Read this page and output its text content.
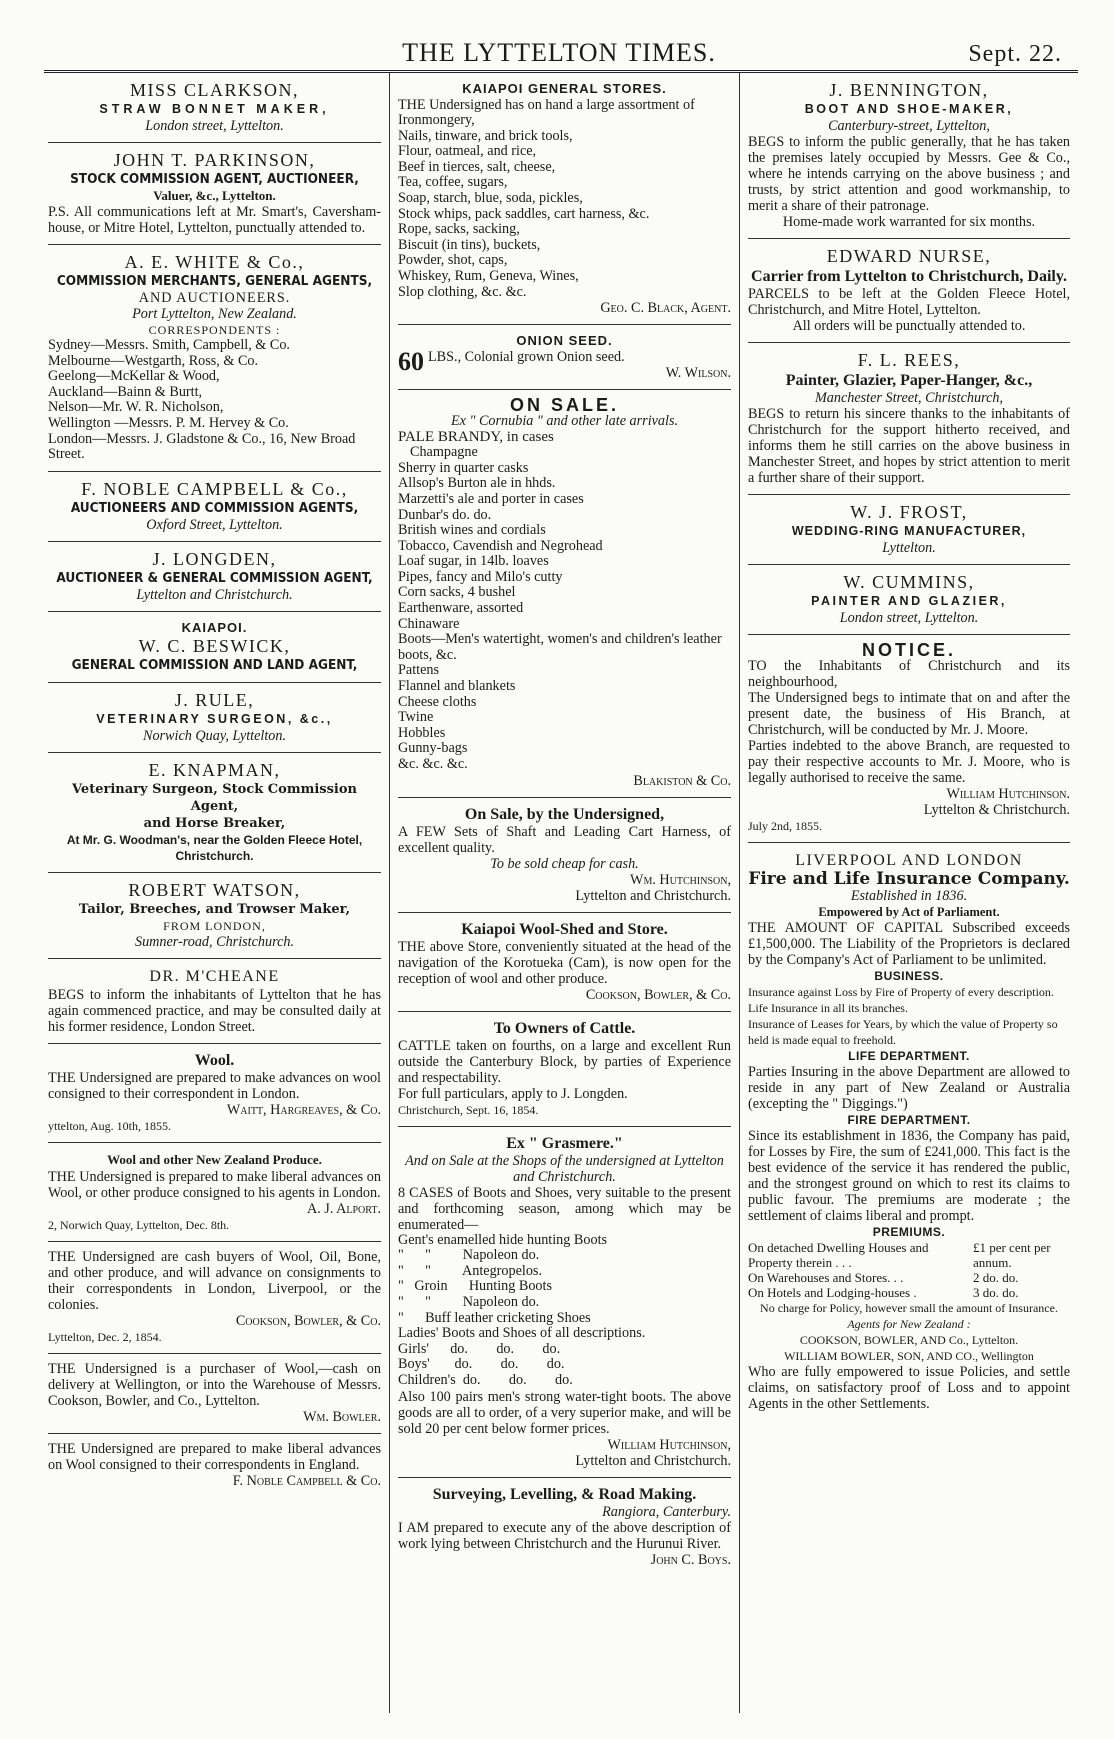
THE LYTTELTON TIMES.	Sept. 22.
MISS CLARKSON,
STRAW BONNET MAKER,
London street, Lyttelton.
JOHN T. PARKINSON,
STOCK COMMISSION AGENT, AUCTIONEER,
Valuer, &c., Lyttelton.
P.S. All communications left at Mr. Smart's, Caversham-house, or Mitre Hotel, Lyttelton, punctually attended to.
A. E. WHITE & Co.,
COMMISSION MERCHANTS, GENERAL AGENTS,
AND AUCTIONEERS.
Port Lyttelton, New Zealand.
CORRESPONDENTS :
Sydney—Messrs. Smith, Campbell, & Co.
Melbourne—Westgarth, Ross, & Co.
Geelong—McKellar & Wood,
Auckland—Bainn & Burtt,
Nelson—Mr. W. R. Nicholson,
Wellington —Messrs. P. M. Hervey & Co.
London—Messrs. J. Gladstone & Co., 16, New Broad Street.
F. NOBLE CAMPBELL & Co.,
AUCTIONEERS AND COMMISSION AGENTS,
Oxford Street, Lyttelton.
J. LONGDEN,
AUCTIONEER & GENERAL COMMISSION AGENT,
Lyttelton and Christchurch.
KAIAPOI.
W. C. BESWICK,
GENERAL COMMISSION AND LAND AGENT,
J. RULE,
VETERINARY SURGEON, &c.,
Norwich Quay, Lyttelton.
E. KNAPMAN,
Veterinary Surgeon, Stock Commission Agent,
and Horse Breaker,
At Mr. G. Woodman's, near the Golden Fleece Hotel, Christchurch.
ROBERT WATSON,
Tailor, Breeches, and Trowser Maker,
FROM LONDON,
Sumner-road, Christchurch.
DR. M'CHEANE
BEGS to inform the inhabitants of Lyttelton that he has again commenced practice, and may be consulted daily at his former residence, London Street.
Wool.
THE Undersigned are prepared to make advances on wool consigned to their correspondent in London.
Waitt, Hargreaves, & Co.
yttelton, Aug. 10th, 1855.
Wool and other New Zealand Produce.
THE Undersigned is prepared to make liberal advances on Wool, or other produce consigned to his agents in London.
A. J. Alport.
2, Norwich Quay, Lyttelton, Dec. 8th.
THE Undersigned are cash buyers of Wool, Oil, Bone, and other produce, and will advance on consignments to their correspondents in London, Liverpool, or the colonies.
Cookson, Bowler, & Co.
Lyttelton, Dec. 2, 1854.
THE Undersigned is a purchaser of Wool,—cash on delivery at Wellington, or into the Warehouse of Messrs. Cookson, Bowler, and Co., Lyttelton.
Wm. Bowler.
THE Undersigned are prepared to make liberal advances on Wool consigned to their correspondents in England.
F. Noble Campbell & Co.
KAIAPOI GENERAL STORES.
THE Undersigned has on hand a large assortment of
Ironmongery,
Nails, tinware, and brick tools,
Flour, oatmeal, and rice,
Beef in tierces, salt, cheese,
Tea, coffee, sugars,
Soap, starch, blue, soda, pickles,
Stock whips, pack saddles, cart harness, &c.
Rope, sacks, sacking,
Biscuit (in tins), buckets,
Powder, shot, caps,
Whiskey, Rum, Geneva, Wines,
Slop clothing, &c. &c.
Geo. C. Black, Agent.
ONION SEED.
60 LBS., Colonial grown Onion seed.
W. Wilson.
ON SALE.
Ex " Cornubia " and other late arrivals.
PALE BRANDY, in cases
Champagne
Sherry in quarter casks
Allsop's Burton ale in hhds.
Marzetti's ale and porter in cases
Dunbar's do. do.
British wines and cordials
Tobacco, Cavendish and Negrohead
Loaf sugar, in 14lb. loaves
Pipes, fancy and Milo's cutty
Corn sacks, 4 bushel
Earthenware, assorted
Chinaware
Boots—Men's watertight, women's and children's leather boots, &c.
Pattens
Flannel and blankets
Cheese cloths
Twine
Hobbles
Gunny-bags
&c. &c. &c.
Blakiston & Co.
On Sale, by the Undersigned,
A FEW Sets of Shaft and Leading Cart Harness, of excellent quality.
To be sold cheap for cash.
Wm. Hutchinson,
Lyttelton and Christchurch.
Kaiapoi Wool-Shed and Store.
THE above Store, conveniently situated at the head of the navigation of the Korotueka (Cam), is now open for the reception of wool and other produce.
Cookson, Bowler, & Co.
To Owners of Cattle.
CATTLE taken on fourths, on a large and excellent Run outside the Canterbury Block, by parties of Experience and respectability.
For full particulars, apply to J. Longden.
Christchurch, Sept. 16, 1854.
Ex " Grasmere."
And on Sale at the Shops of the undersigned at Lyttelton and Christchurch.
8 CASES of Boots and Shoes, very suitable to the present and forthcoming season, among which may be enumerated—
Gent's enamelled hide hunting Boots
"      "         Napoleon do.
"      "         Antegropelos.
"   Groin      Hunting Boots
"      "         Napoleon do.
"      Buff leather cricketing Shoes
Ladies' Boots and Shoes of all descriptions.
Girls'      do.        do.        do.
Boys'       do.        do.        do.
Children's  do.        do.        do.
Also 100 pairs men's strong water-tight boots. The above goods are all to order, of a very superior make, and will be sold 20 per cent below former prices.
William Hutchinson,
Lyttelton and Christchurch.
Surveying, Levelling, & Road Making.
Rangiora, Canterbury.
I AM prepared to execute any of the above description of work lying between Christchurch and the Hurunui River.
John C. Boys.
J. BENNINGTON,
BOOT AND SHOE-MAKER,
Canterbury-street, Lyttelton,
BEGS to inform the public generally, that he has taken the premises lately occupied by Messrs. Gee & Co., where he intends carrying on the above business ; and trusts, by strict attention and good workmanship, to merit a share of their patronage.
Home-made work warranted for six months.
EDWARD NURSE,
Carrier from Lyttelton to Christchurch, Daily.
PARCELS to be left at the Golden Fleece Hotel, Christchurch, and Mitre Hotel, Lyttelton.
All orders will be punctually attended to.
F. L. REES,
Painter, Glazier, Paper-Hanger, &c.,
Manchester Street, Christchurch,
BEGS to return his sincere thanks to the inhabitants of Christchurch for the support hitherto received, and informs them he still carries on the above business in Manchester Street, and hopes by strict attention to merit a further share of their support.
W. J. FROST,
WEDDING-RING MANUFACTURER,
Lyttelton.
W. CUMMINS,
PAINTER AND GLAZIER,
London street, Lyttelton.
NOTICE.
TO the Inhabitants of Christchurch and its neighbourhood,
The Undersigned begs to intimate that on and after the present date, the business of His Branch, at Christchurch, will be conducted by Mr. J. Moore.
Parties indebted to the above Branch, are requested to pay their respective accounts to Mr. J. Moore, who is legally authorised to receive the same.
William Hutchinson.
Lyttelton & Christchurch.
July 2nd, 1855.
LIVERPOOL AND LONDON
Fire and Life Insurance Company.
Established in 1836.
Empowered by Act of Parliament.
THE AMOUNT OF CAPITAL Subscribed exceeds £1,500,000. The Liability of the Proprietors is declared by the Company's Act of Parliament to be unlimited.
BUSINESS.
Insurance against Loss by Fire of Property of every description.
Life Insurance in all its branches.
Insurance of Leases for Years, by which the value of Property so held is made equal to freehold.
LIFE DEPARTMENT.
Parties Insuring in the above Department are allowed to reside in any part of New Zealand or Australia (excepting the " Diggings.")
FIRE DEPARTMENT.
Since its establishment in 1836, the Company has paid, for Losses by Fire, the sum of £241,000. This fact is the best evidence of the service it has rendered the public, and the strongest ground on which to rest its claims to public favour. The premiums are moderate ; the settlement of claims liberal and prompt.
PREMIUMS.
On detached Dwelling Houses and Property therein . . .	£1 per cent per annum.
On Warehouses and Stores. . .	2 do. do.
On Hotels and Lodging-houses .	3 do. do.
No charge for Policy, however small the amount of Insurance.
Agents for New Zealand :
COOKSON, BOWLER, AND Co., Lyttelton.
WILLIAM BOWLER, SON, AND CO., Wellington
Who are fully empowered to issue Policies, and settle claims, on satisfactory proof of Loss and to appoint Agents in the other Settlements.
